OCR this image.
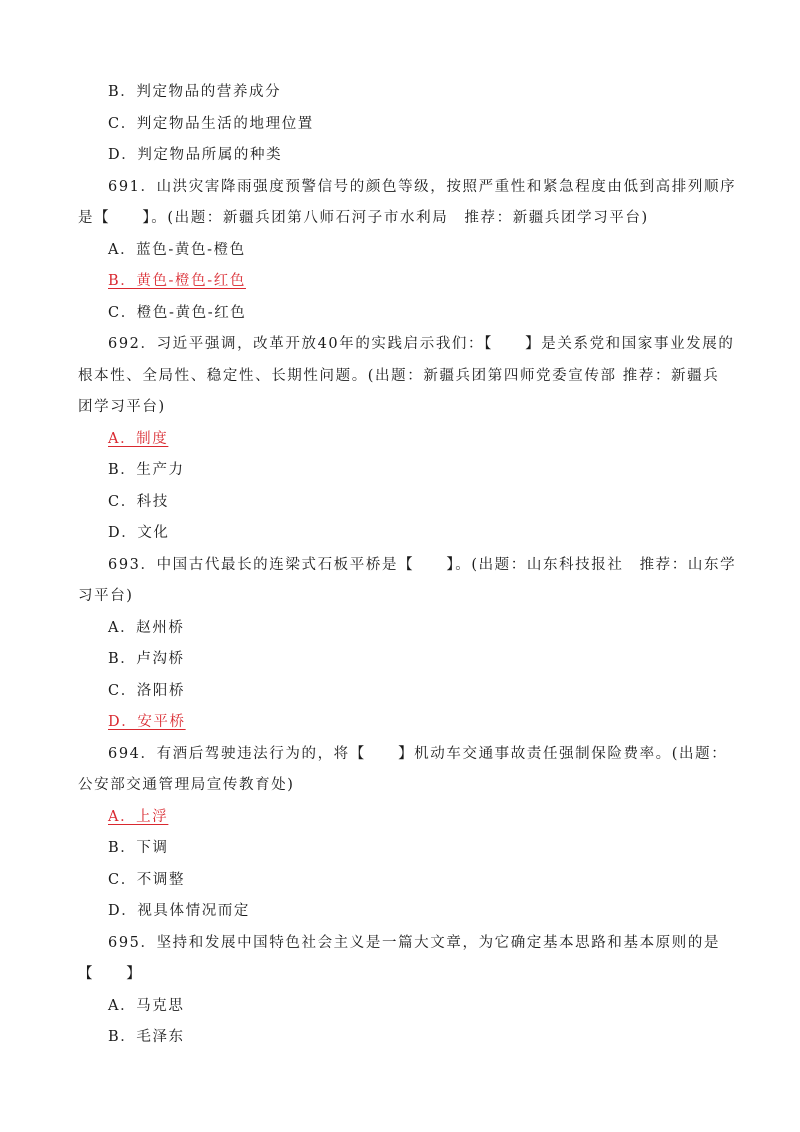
B．判定物品的营养成分
C．判定物品生活的地理位置
D．判定物品所属的种类
691．山洪灾害降雨强度预警信号的颜色等级，按照严重性和紧急程度由低到高排列顺序
是【　　】。(出题：新疆兵团第八师石河子市水利局　推荐：新疆兵团学习平台)
A．蓝色-黄色-橙色
B．黄色-橙色-红色
C．橙色-黄色-红色
692．习近平强调，改革开放40年的实践启示我们：【　　】是关系党和国家事业发展的
根本性、全局性、稳定性、长期性问题。(出题：新疆兵团第四师党委宣传部 推荐：新疆兵
团学习平台)
A．制度
B．生产力
C．科技
D．文化
693．中国古代最长的连梁式石板平桥是【　　】。(出题：山东科技报社　推荐：山东学
习平台)
A．赵州桥
B．卢沟桥
C．洛阳桥
D．安平桥
694．有酒后驾驶违法行为的，将【　　】机动车交通事故责任强制保险费率。(出题：
公安部交通管理局宣传教育处)
A．上浮
B．下调
C．不调整
D．视具体情况而定
695．坚持和发展中国特色社会主义是一篇大文章，为它确定基本思路和基本原则的是
【　　】
A．马克思
B．毛泽东
